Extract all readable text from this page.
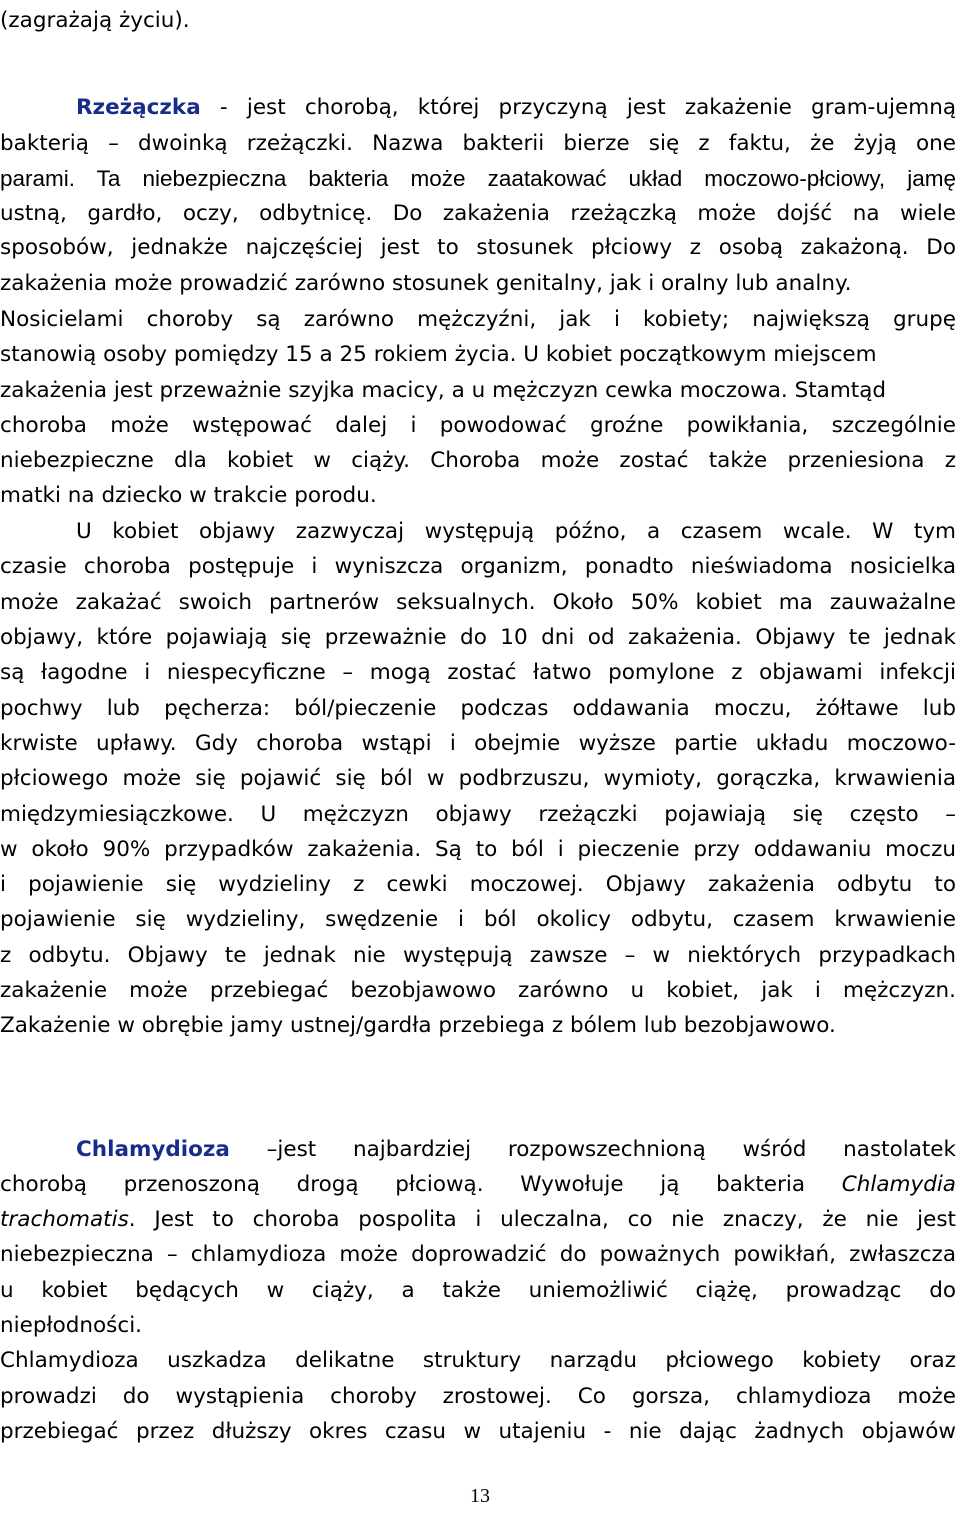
(zagrażają życiu).
Rzeżączka - jest chorobą, której przyczyną jest zakażenie gram-ujemną
bakterią – dwoinką rzeżączki. Nazwa bakterii bierze się z faktu, że żyją one
parami. Ta niebezpieczna bakteria może zaatakować układ moczowo-płciowy, jamę
ustną, gardło, oczy, odbytnicę. Do zakażenia rzeżączką może dojść na wiele
sposobów, jednakże najczęściej jest to stosunek płciowy z osobą zakażoną. Do
zakażenia może prowadzić zarówno stosunek genitalny, jak i oralny lub analny.
Nosicielami choroby są zarówno mężczyźni, jak i kobiety; największą grupę
stanowią osoby pomiędzy 15 a 25 rokiem życia. U kobiet początkowym miejscem
zakażenia jest przeważnie szyjka macicy, a u mężczyzn cewka moczowa. Stamtąd
choroba może wstępować dalej i powodować groźne powikłania, szczególnie
niebezpieczne dla kobiet w ciąży. Choroba może zostać także przeniesiona z
matki na dziecko w trakcie porodu.
U kobiet objawy zazwyczaj występują późno, a czasem wcale. W tym
czasie choroba postępuje i wyniszcza organizm, ponadto nieświadoma nosicielka
może zakażać swoich partnerów seksualnych. Około 50% kobiet ma zauważalne
objawy, które pojawiają się przeważnie do 10 dni od zakażenia. Objawy te jednak
są łagodne i niespecyficzne – mogą zostać łatwo pomylone z objawami infekcji
pochwy lub pęcherza: ból/pieczenie podczas oddawania moczu, żółtawe lub
krwiste upławy. Gdy choroba wstąpi i obejmie wyższe partie układu moczowo-
płciowego może się pojawić się ból w podbrzuszu, wymioty, gorączka, krwawienia
międzymiesiączkowe. U mężczyzn objawy rzeżączki pojawiają się często –
w około 90% przypadków zakażenia. Są to ból i pieczenie przy oddawaniu moczu
i pojawienie się wydzieliny z cewki moczowej. Objawy zakażenia odbytu to
pojawienie się wydzieliny, swędzenie i ból okolicy odbytu, czasem krwawienie
z odbytu. Objawy te jednak nie występują zawsze – w niektórych przypadkach
zakażenie może przebiegać bezobjawowo zarówno u kobiet, jak i mężczyzn.
Zakażenie w obrębie jamy ustnej/gardła przebiega z bólem lub bezobjawowo.
Chlamydioza –jest najbardziej rozpowszechnioną wśród nastolatek
chorobą przenoszoną drogą płciową. Wywołuje ją bakteria Chlamydia
trachomatis. Jest to choroba pospolita i uleczalna, co nie znaczy, że nie jest
niebezpieczna – chlamydioza może doprowadzić do poważnych powikłań, zwłaszcza
u kobiet będących w ciąży, a także uniemożliwić ciążę, prowadząc do
niepłodności.
Chlamydioza uszkadza delikatne struktury narządu płciowego kobiety oraz
prowadzi do wystąpienia choroby zrostowej. Co gorsza, chlamydioza może
przebiegać przez dłuższy okres czasu w utajeniu - nie dając żadnych objawów
13
